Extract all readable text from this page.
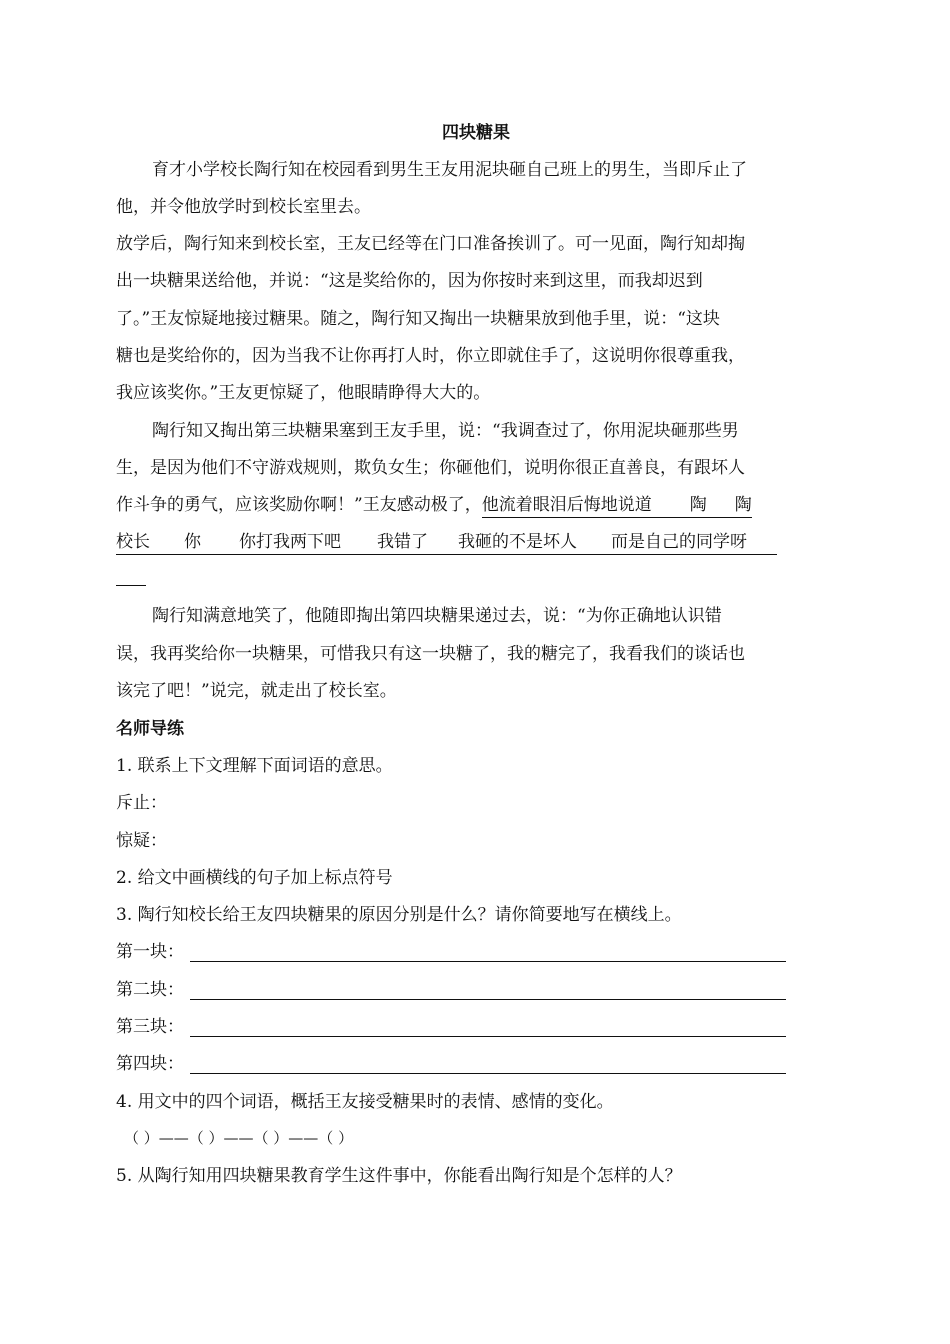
四块糖果
育才小学校长陶行知在校园看到男生王友用泥块砸自己班上的男生，当即斥止了
他，并令他放学时到校长室里去。
放学后，陶行知来到校长室，王友已经等在门口准备挨训了。可一见面，陶行知却掏
出一块糖果送给他，并说：“这是奖给你的，因为你按时来到这里，而我却迟到
了。”王友惊疑地接过糖果。随之，陶行知又掏出一块糖果放到他手里，说：“这块
糖也是奖给你的，因为当我不让你再打人时，你立即就住手了，这说明你很尊重我，
我应该奖你。”王友更惊疑了，他眼睛睁得大大的。
陶行知又掏出第三块糖果塞到王友手里，说：“我调查过了，你用泥块砸那些男
生，是因为他们不守游戏规则，欺负女生；你砸他们，说明你很正直善良，有跟坏人
作斗争的勇气，应该奖励你啊！”王友感动极了，他流着眼泪后悔地说道 陶 陶
校长 你 你打我两下吧 我错了 我砸的不是坏人 而是自己的同学呀
陶行知满意地笑了，他随即掏出第四块糖果递过去，说：“为你正确地认识错
误，我再奖给你一块糖果，可惜我只有这一块糖了，我的糖完了，我看我们的谈话也
该完了吧！”说完，就走出了校长室。
名师导练
1. 联系上下文理解下面词语的意思。
斥止：
惊疑：
2. 给文中画横线的句子加上标点符号
3. 陶行知校长给王友四块糖果的原因分别是什么？请你简要地写在横线上。
第一块：
第二块：
第三块：
第四块：
4. 用文中的四个词语，概括王友接受糖果时的表情、感情的变化。
（ ）——（ ）——（ ）——（ ）
5. 从陶行知用四块糖果教育学生这件事中，你能看出陶行知是个怎样的人？
